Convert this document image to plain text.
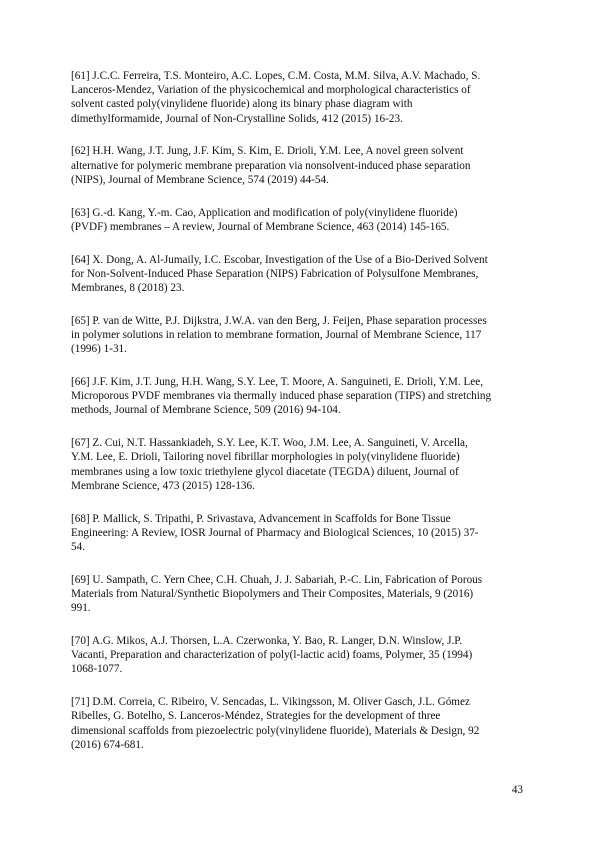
[61] J.C.C. Ferreira, T.S. Monteiro, A.C. Lopes, C.M. Costa, M.M. Silva, A.V. Machado, S.
Lanceros-Mendez, Variation of the physicochemical and morphological characteristics of
solvent casted poly(vinylidene fluoride) along its binary phase diagram with
dimethylformamide, Journal of Non-Crystalline Solids, 412 (2015) 16-23.
[62] H.H. Wang, J.T. Jung, J.F. Kim, S. Kim, E. Drioli, Y.M. Lee, A novel green solvent
alternative for polymeric membrane preparation via nonsolvent-induced phase separation
(NIPS), Journal of Membrane Science, 574 (2019) 44-54.
[63] G.-d. Kang, Y.-m. Cao, Application and modification of poly(vinylidene fluoride)
(PVDF) membranes – A review, Journal of Membrane Science, 463 (2014) 145-165.
[64] X. Dong, A. Al-Jumaily, I.C. Escobar, Investigation of the Use of a Bio-Derived Solvent
for Non-Solvent-Induced Phase Separation (NIPS) Fabrication of Polysulfone Membranes,
Membranes, 8 (2018) 23.
[65] P. van de Witte, P.J. Dijkstra, J.W.A. van den Berg, J. Feijen, Phase separation processes
in polymer solutions in relation to membrane formation, Journal of Membrane Science, 117
(1996) 1-31.
[66] J.F. Kim, J.T. Jung, H.H. Wang, S.Y. Lee, T. Moore, A. Sanguineti, E. Drioli, Y.M. Lee,
Microporous PVDF membranes via thermally induced phase separation (TIPS) and stretching
methods, Journal of Membrane Science, 509 (2016) 94-104.
[67] Z. Cui, N.T. Hassankiadeh, S.Y. Lee, K.T. Woo, J.M. Lee, A. Sanguineti, V. Arcella,
Y.M. Lee, E. Drioli, Tailoring novel fibrillar morphologies in poly(vinylidene fluoride)
membranes using a low toxic triethylene glycol diacetate (TEGDA) diluent, Journal of
Membrane Science, 473 (2015) 128-136.
[68] P. Mallick, S. Tripathi, P. Srivastava, Advancement in Scaffolds for Bone Tissue
Engineering: A Review, IOSR Journal of Pharmacy and Biological Sciences, 10 (2015) 37-
54.
[69] U. Sampath, C. Yern Chee, C.H. Chuah, J. J. Sabariah, P.-C. Lin, Fabrication of Porous
Materials from Natural/Synthetic Biopolymers and Their Composites, Materials, 9 (2016)
991.
[70] A.G. Mikos, A.J. Thorsen, L.A. Czerwonka, Y. Bao, R. Langer, D.N. Winslow, J.P.
Vacanti, Preparation and characterization of poly(l-lactic acid) foams, Polymer, 35 (1994)
1068-1077.
[71] D.M. Correia, C. Ribeiro, V. Sencadas, L. Vikingsson, M. Oliver Gasch, J.L. Gómez
Ribelles, G. Botelho, S. Lanceros-Méndez, Strategies for the development of three
dimensional scaffolds from piezoelectric poly(vinylidene fluoride), Materials & Design, 92
(2016) 674-681.
43
